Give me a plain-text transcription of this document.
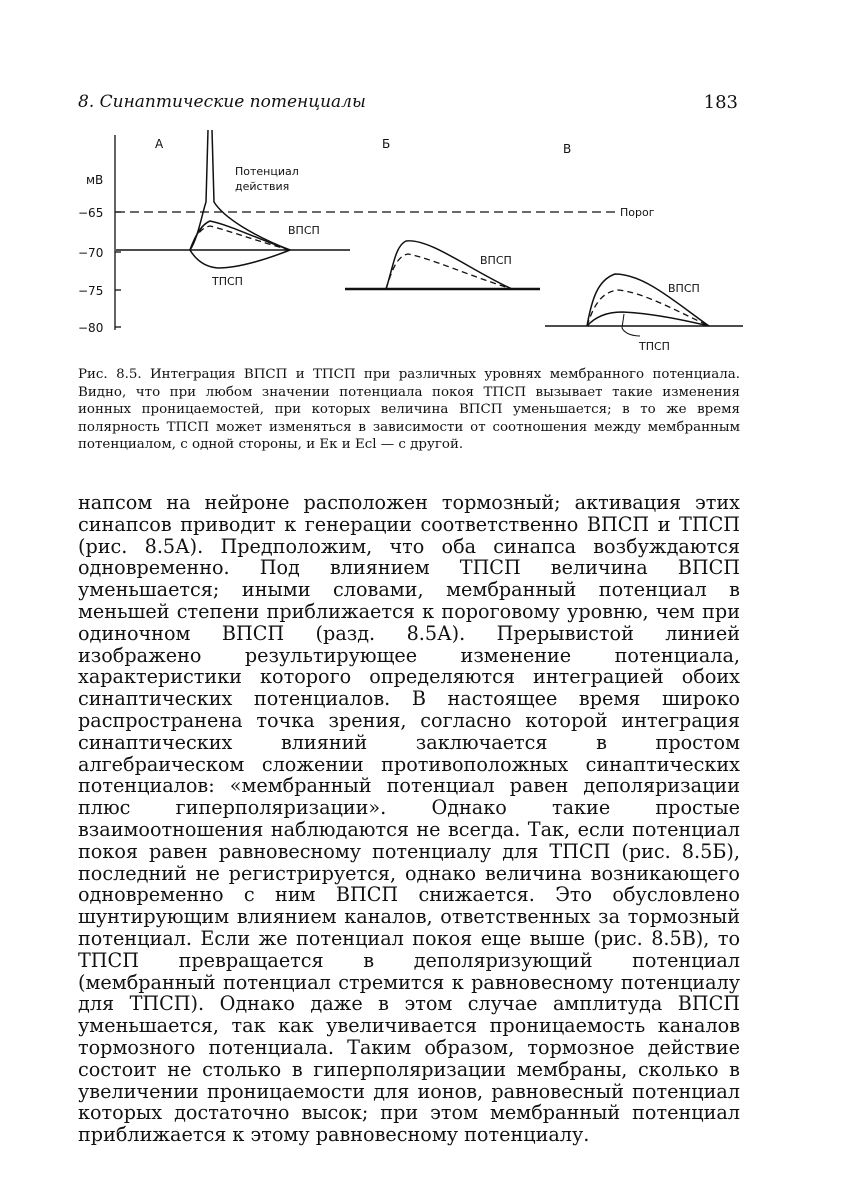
8. Синаптические потенциалы	183
мВ
−65
−70
−75
−80
А	Б	В
Порог
Потенциал
действия
ВПСП
ТПСП
ВПСП
ВПСП
ТПСП
Рис. 8.5. Интеграция ВПСП и ТПСП при различных уровнях мембранного потенциала. Видно, что при любом значении потенциала покоя ТПСП вызывает такие изменения ионных проницаемостей, при которых величина ВПСП уменьшается; в то же время полярность ТПСП может изменяться в зависимости от соотношения между мембранным потенциалом, с одной стороны, и Eк и Ecl — с другой.

напсом на нейроне расположен тормозный; активация этих синапсов приводит к генерации соответственно ВПСП и ТПСП (рис. 8.5А). Предположим, что оба синапса возбуждаются одновременно. Под влиянием ТПСП величина ВПСП уменьшается; иными словами, мембранный потенциал в меньшей степени приближается к пороговому уровню, чем при одиночном ВПСП (разд. 8.5А). Прерывистой линией изображено результирующее изменение потенциала, характеристики которого определяются интеграцией обоих синаптических потенциалов. В настоящее время широко распространена точка зрения, согласно которой интеграция синаптических влияний заключается в простом алгебраическом сложении противоположных синаптических потенциалов: «мембранный потенциал равен деполяризации плюс гиперполяризации». Однако такие простые взаимоотношения наблюдаются не всегда. Так, если потенциал покоя равен равновесному потенциалу для ТПСП (рис. 8.5Б), последний не регистрируется, однако величина возникающего одновременно с ним ВПСП снижается. Это обусловлено шунтирующим влиянием каналов, ответственных за тормозный потенциал. Если же потенциал покоя еще выше (рис. 8.5В), то ТПСП превращается в деполяризующий потенциал (мембранный потенциал стремится к равновесному потенциалу для ТПСП). Однако даже в этом случае амплитуда ВПСП уменьшается, так как увеличивается проницаемость каналов тормозного потенциала. Таким образом, тормозное действие состоит не столько в гиперполяризации мембраны, сколько в увеличении проницаемости для ионов, равновесный потенциал которых достаточно высок; при этом мембранный потенциал приближается к этому равновесному потенциалу.
